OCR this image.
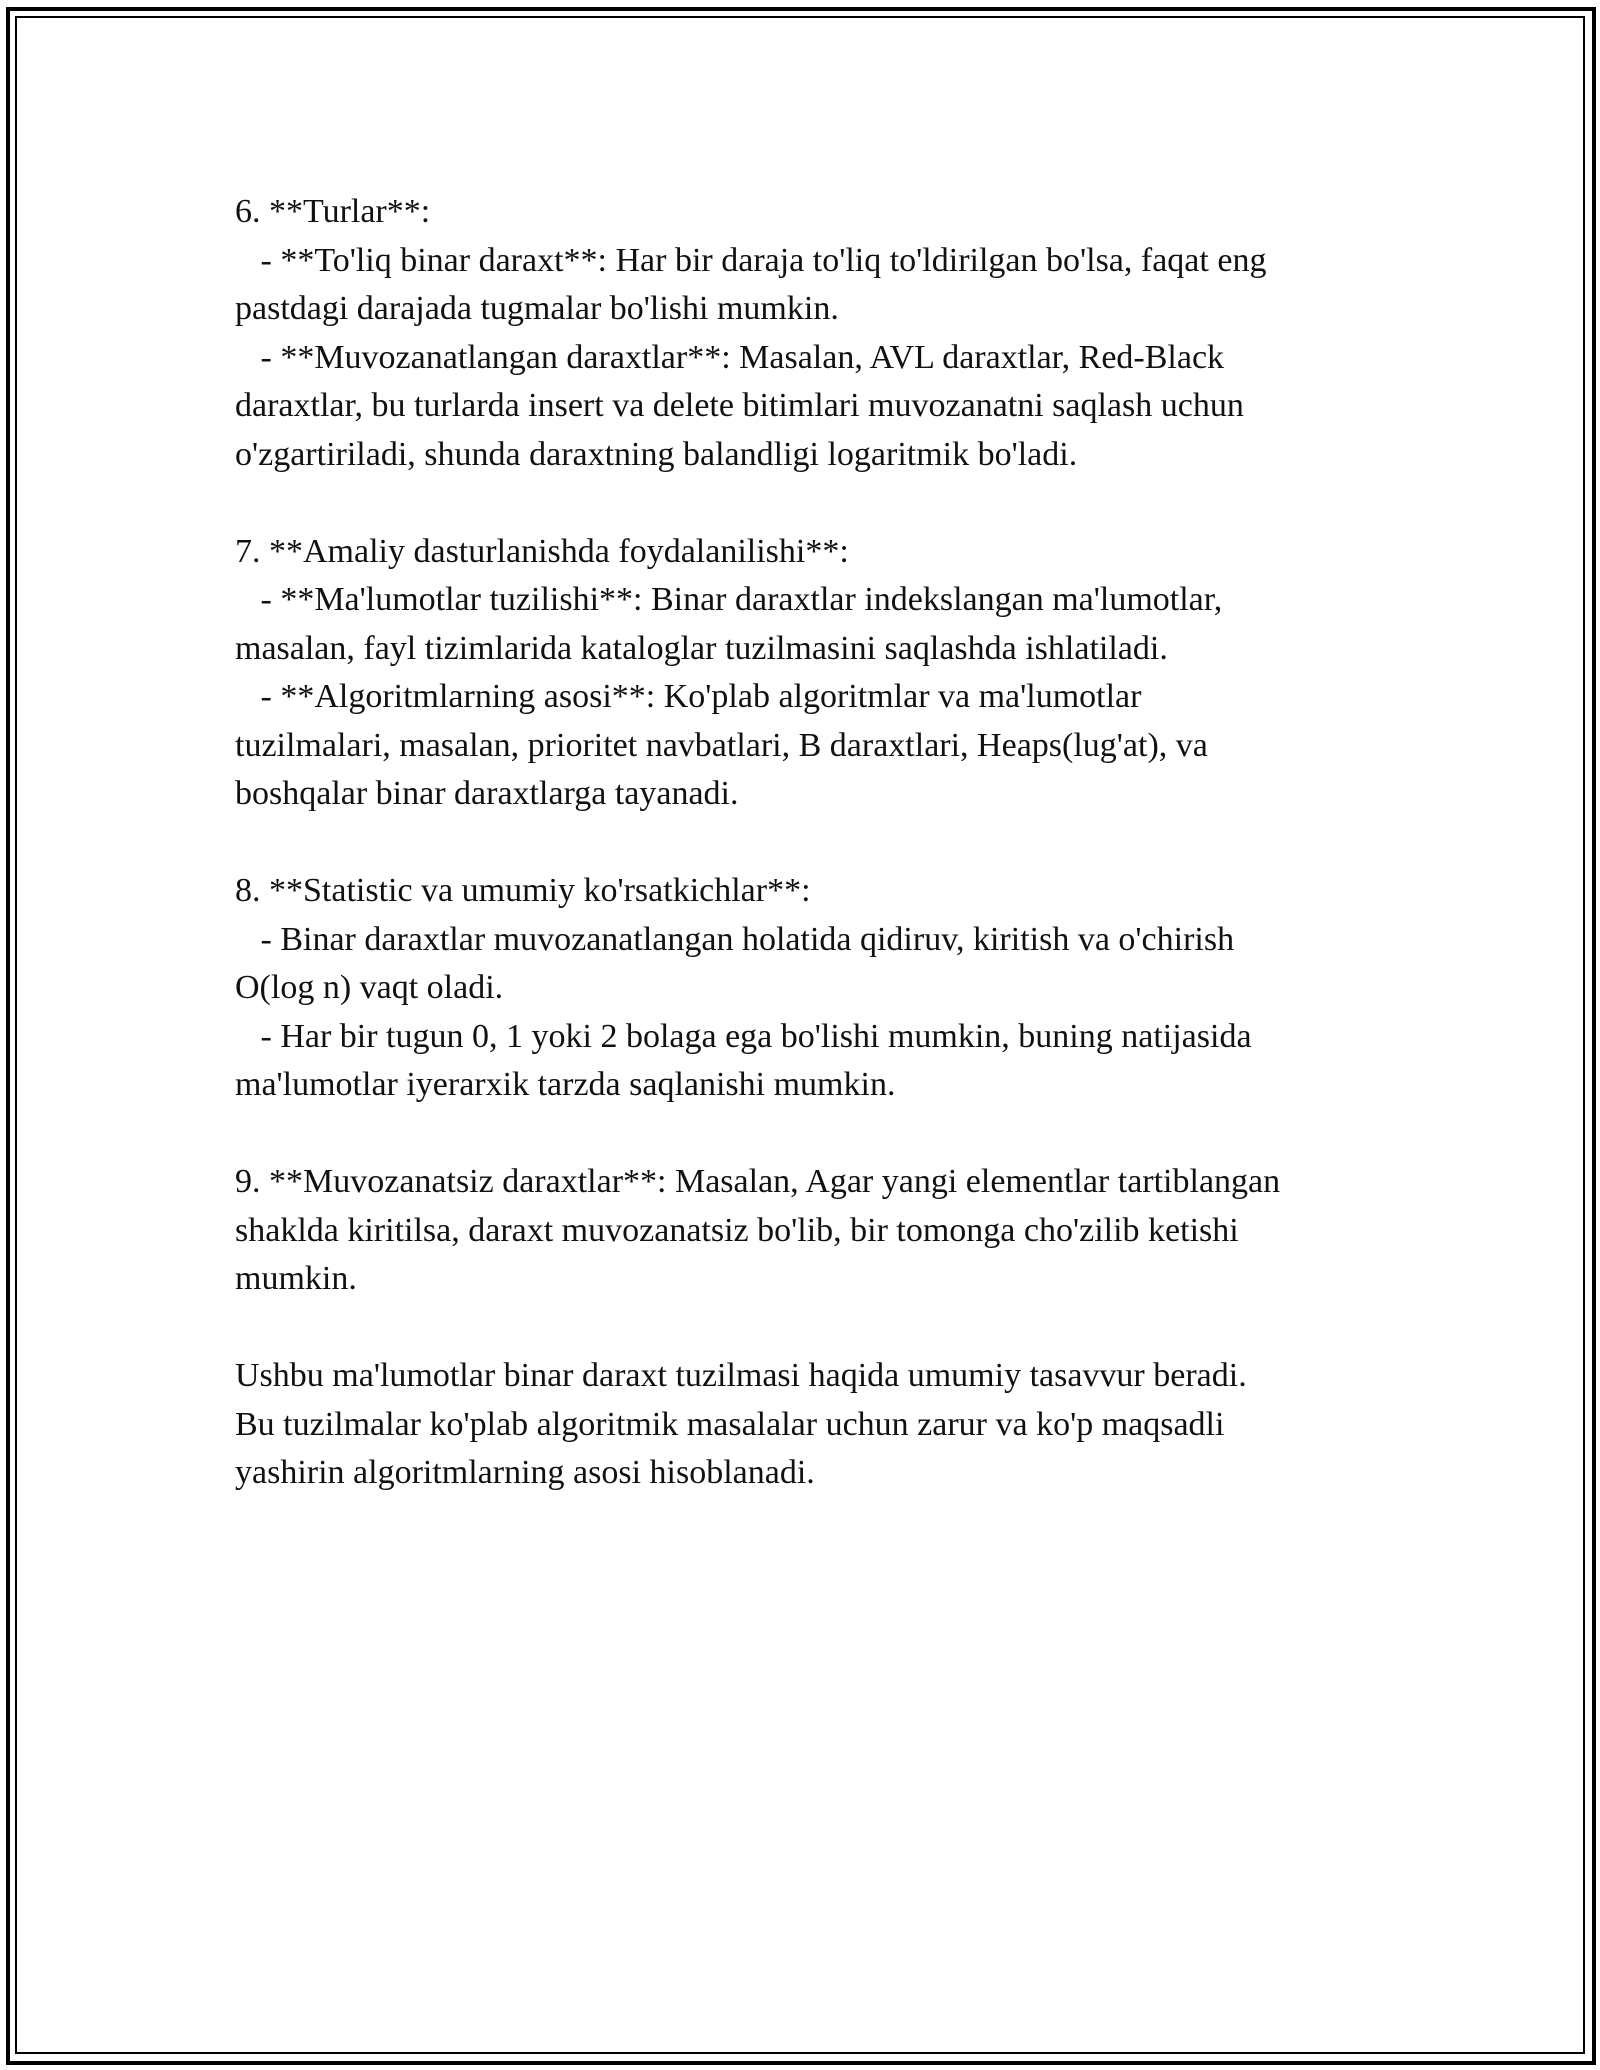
6. **Turlar**:
- **To'liq binar daraxt**: Har bir daraja to'liq to'ldirilgan bo'lsa, faqat eng
pastdagi darajada tugmalar bo'lishi mumkin.
- **Muvozanatlangan daraxtlar**: Masalan, AVL daraxtlar, Red-Black
daraxtlar, bu turlarda insert va delete bitimlari muvozanatni saqlash uchun
o'zgartiriladi, shunda daraxtning balandligi logaritmik bo'ladi.
7. **Amaliy dasturlanishda foydalanilishi**:
- **Ma'lumotlar tuzilishi**: Binar daraxtlar indekslangan ma'lumotlar,
masalan, fayl tizimlarida kataloglar tuzilmasini saqlashda ishlatiladi.
- **Algoritmlarning asosi**: Ko'plab algoritmlar va ma'lumotlar
tuzilmalari, masalan, prioritet navbatlari, B daraxtlari, Heaps(lug'at), va
boshqalar binar daraxtlarga tayanadi.
8. **Statistic va umumiy ko'rsatkichlar**:
- Binar daraxtlar muvozanatlangan holatida qidiruv, kiritish va o'chirish
O(log n) vaqt oladi.
- Har bir tugun 0, 1 yoki 2 bolaga ega bo'lishi mumkin, buning natijasida
ma'lumotlar iyerarxik tarzda saqlanishi mumkin.
9. **Muvozanatsiz daraxtlar**: Masalan, Agar yangi elementlar tartiblangan
shaklda kiritilsa, daraxt muvozanatsiz bo'lib, bir tomonga cho'zilib ketishi
mumkin.
Ushbu ma'lumotlar binar daraxt tuzilmasi haqida umumiy tasavvur beradi.
Bu tuzilmalar ko'plab algoritmik masalalar uchun zarur va ko'p maqsadli
yashirin algoritmlarning asosi hisoblanadi.
